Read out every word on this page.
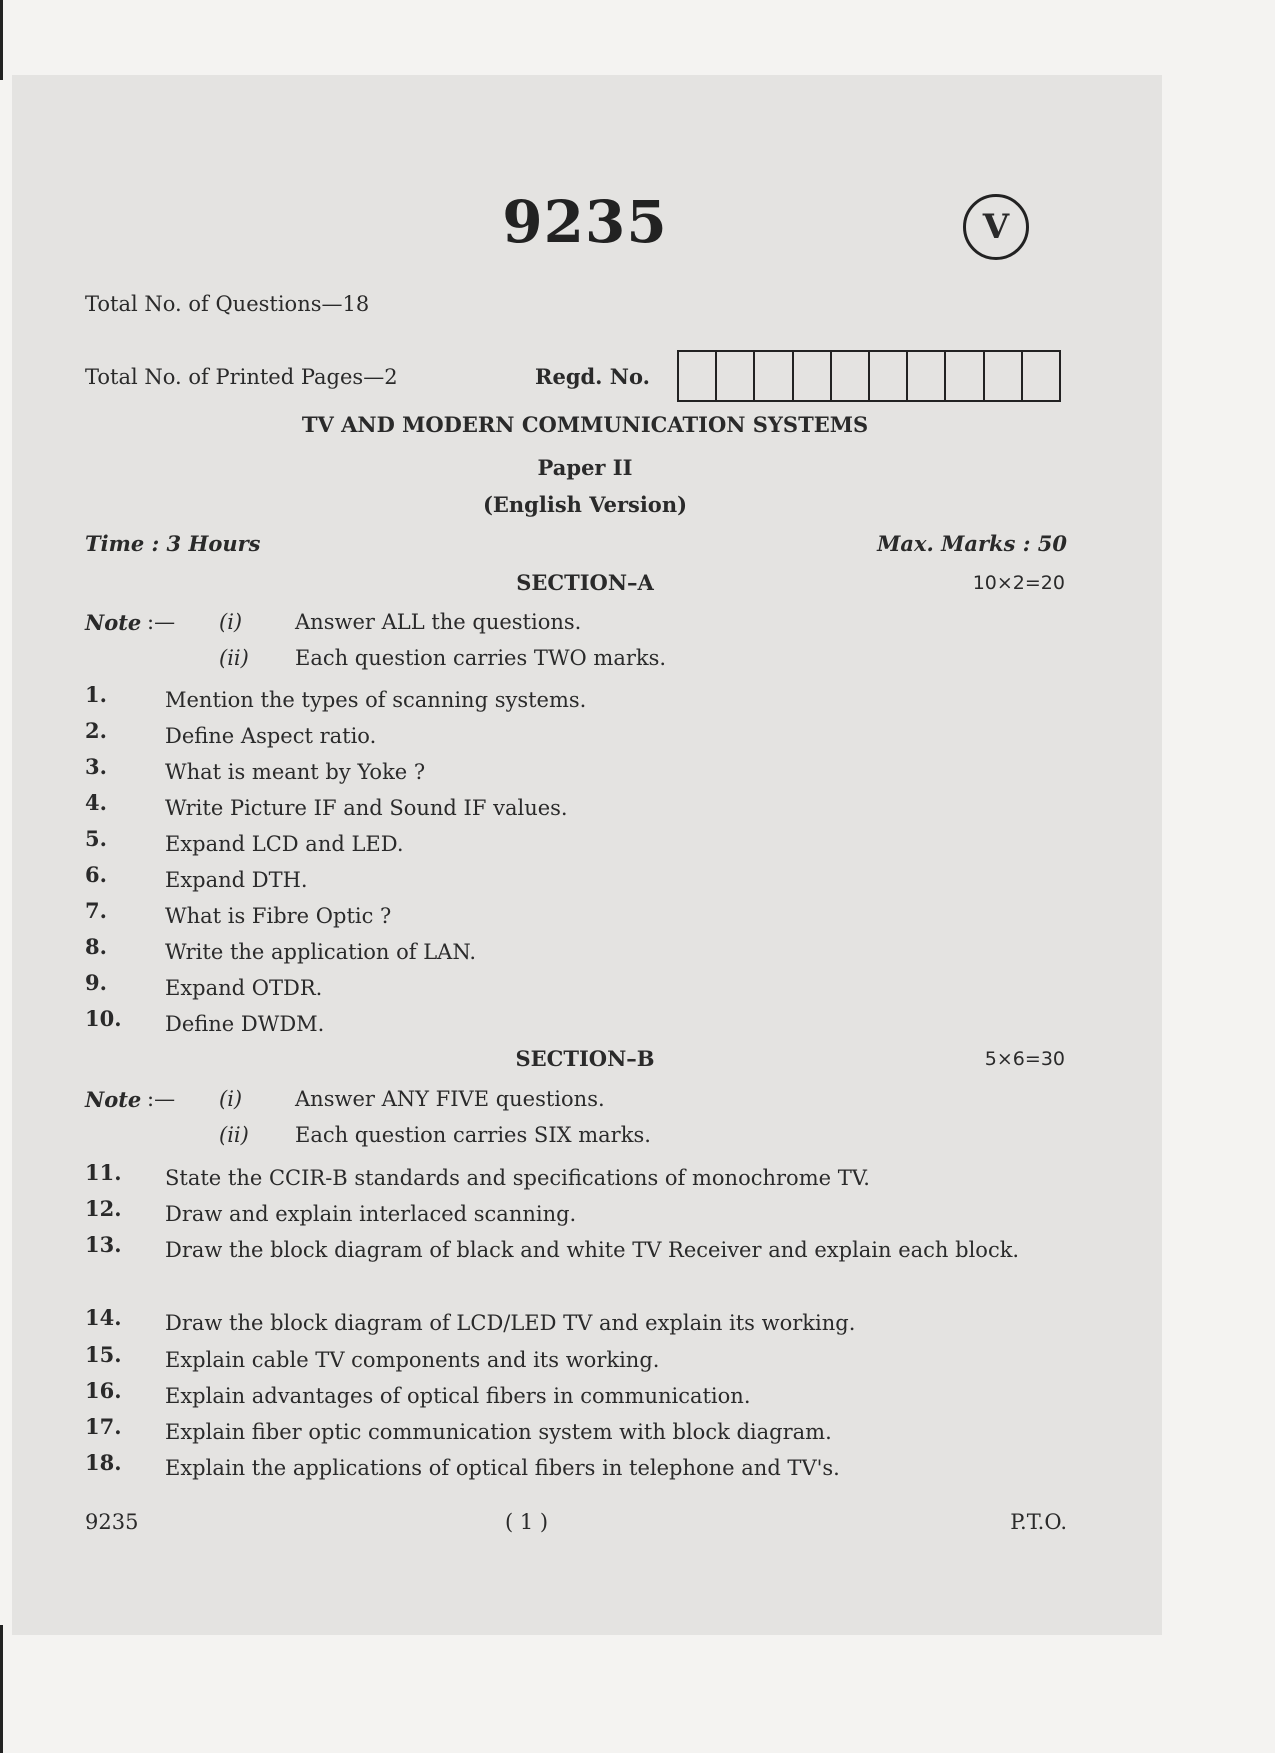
9235	V
Total No. of Questions—18
Total No. of Printed Pages—2	Regd. No.
TV AND MODERN COMMUNICATION SYSTEMS
Paper II
(English Version)
Time : 3 Hours	Max. Marks : 50
SECTION–A	10×2=20
Note :— (i)	Answer ALL the questions.
(ii) Each question carries TWO marks.
1.	Mention the types of scanning systems.
2.	Define Aspect ratio.
3.	What is meant by Yoke ?
4.	Write Picture IF and Sound IF values.
5.	Expand LCD and LED.
6.	Expand DTH.
7.	What is Fibre Optic ?
8.	Write the application of LAN.
9.	Expand OTDR.
10. Define DWDM.
SECTION–B	5×6=30
Note :— (i)	Answer ANY FIVE questions.
(ii) Each question carries SIX marks.
11. State the CCIR-B standards and specifications of monochrome TV.
12. Draw and explain interlaced scanning.
13. Draw the block diagram of black and white TV Receiver and explain each block.
14. Draw the block diagram of LCD/LED TV and explain its working.
15. Explain cable TV components and its working.
16. Explain advantages of optical fibers in communication.
17. Explain fiber optic communication system with block diagram.
18. Explain the applications of optical fibers in telephone and TV's.
9235	( 1 )	P.T.O.
